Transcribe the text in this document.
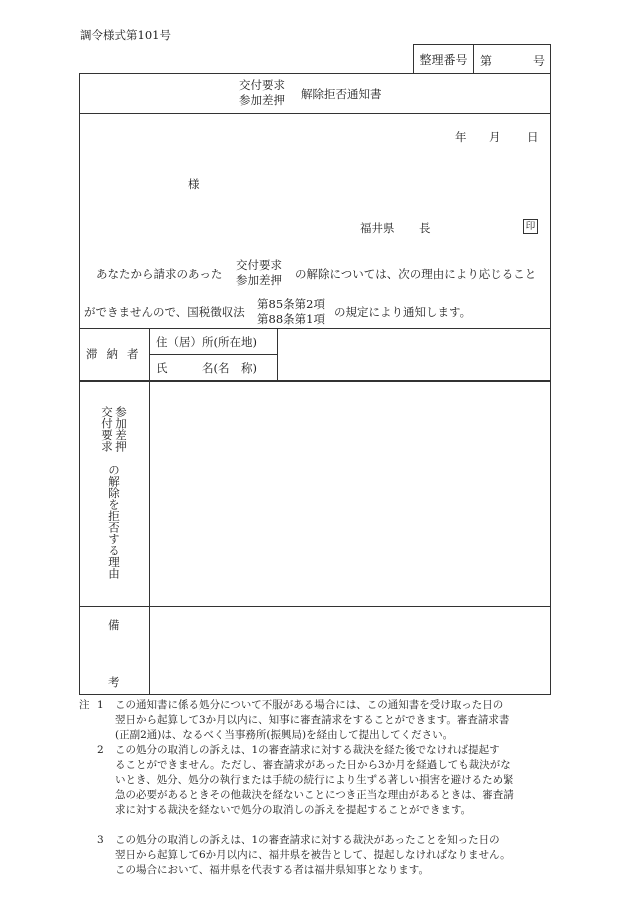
調令様式第101号
整理番号	第	号
交付要求
参加差押 解除拒否通知書
年 月 日
様
福井県 長	印
あなたから請求のあった
交付要求
参加差押 の解除については、次の理由により応じること
ができませんので、国税徴収法
第85条第2項
第88条第1項 の規定により通知します。
滞納者
住（居）所(所在地)
氏　　　名(名　称)
参加差押
交付要求
の解除を拒否する理由
備
考
注 1 この通知書に係る処分について不服がある場合には、この通知書を受け取った日の

翌日から起算して3か月以内に、知事に審査請求をすることができます。審査請求書

(正副2通)は、なるべく当事務所(振興局)を経由して提出してください。

2 この処分の取消しの訴えは、1の審査請求に対する裁決を経た後でなければ提起す

ることができません。ただし、審査請求があった日から3か月を経過しても裁決がな

いとき、処分、処分の執行または手続の続行により生ずる著しい損害を避けるため緊

急の必要があるときその他裁決を経ないことにつき正当な理由があるときは、審査請

求に対する裁決を経ないで処分の取消しの訴えを提起することができます。

3 この処分の取消しの訴えは、1の審査請求に対する裁決があったことを知った日の

翌日から起算して6か月以内に、福井県を被告として、提起しなければなりません。

この場合において、福井県を代表する者は福井県知事となります。
